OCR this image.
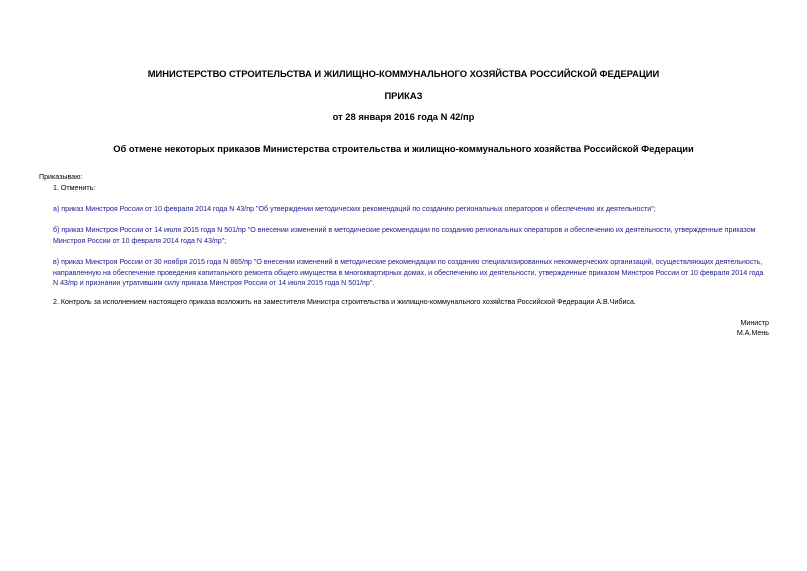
МИНИСТЕРСТВО СТРОИТЕЛЬСТВА И ЖИЛИЩНО-КОММУНАЛЬНОГО ХОЗЯЙСТВА РОССИЙСКОЙ ФЕДЕРАЦИИ
ПРИКАЗ
от 28 января 2016 года N 42/пр
Об отмене некоторых приказов Министерства строительства и жилищно-коммунального хозяйства Российской Федерации
Приказываю:
1. Отменить:
а) приказ Минстроя России от 10 февраля 2014 года N 43/пр "Об утверждении методических рекомендаций по созданию региональных операторов и обеспечению их деятельности";
б) приказ Минстроя России от 14 июля 2015 года N 501/пр "О внесении изменений в методические рекомендации по созданию региональных операторов и обеспечению их деятельности, утвержденные приказом Минстроя России от 10 февраля 2014 года N 43/пр";
в) приказ Минстроя России от 30 ноября 2015 года N 865/пр "О внесении изменений в методические рекомендации по созданию специализированных некоммерческих организаций, осуществляющих деятельность, направленную на обеспечение проведения капитального ремонта общего имущества в многоквартирных домах, и обеспечению их деятельности, утвержденные приказом Минстроя России от 10 февраля 2014 года N 43/пр и признании утратившим силу приказа Минстроя России от 14 июля 2015 года N 501/пр".
2. Контроль за исполнением настоящего приказа возложить на заместителя Министра строительства и жилищно-коммунального хозяйства Российской Федерации А.В.Чибиса.
Министр
М.А.Мень
